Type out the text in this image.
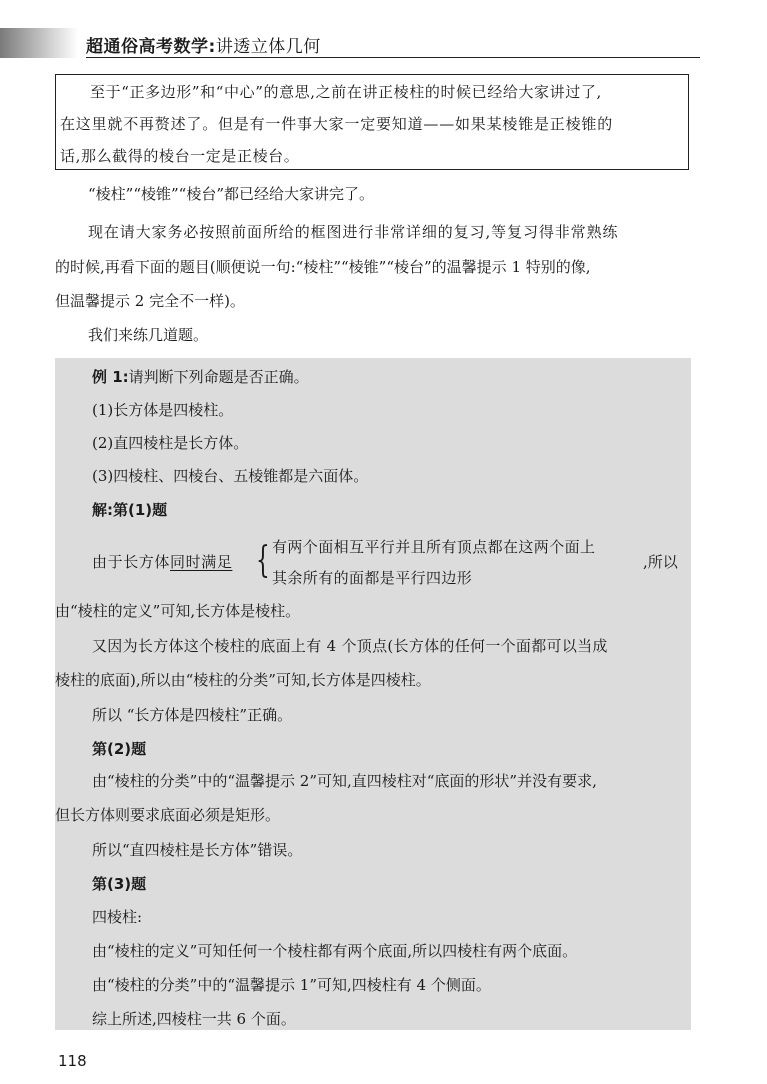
超通俗高考数学:讲透立体几何
至于“正多边形”和“中心”的意思,之前在讲正棱柱的时候已经给大家讲过了,
在这里就不再赘述了。但是有一件事大家一定要知道——如果某棱锥是正棱锥的
话,那么截得的棱台一定是正棱台。
“棱柱”“棱锥”“棱台”都已经给大家讲完了。
现在请大家务必按照前面所给的框图进行非常详细的复习,等复习得非常熟练
的时候,再看下面的题目(顺便说一句:“棱柱”“棱锥”“棱台”的温馨提示 1 特别的像,
但温馨提示 2 完全不一样)。
我们来练几道题。
例 1:请判断下列命题是否正确。
(1)长方体是四棱柱。
(2)直四棱柱是长方体。
(3)四棱柱、四棱台、五棱锥都是六面体。
解:第(1)题
由于长方体同时满足 { 有两个面相互平行并且所有顶点都在这两个面上
其余所有的面都是平行四边形
,所以
由“棱柱的定义”可知,长方体是棱柱。
又因为长方体这个棱柱的底面上有 4 个顶点(长方体的任何一个面都可以当成
棱柱的底面),所以由“棱柱的分类”可知,长方体是四棱柱。
所以 “长方体是四棱柱”正确。
第(2)题
由“棱柱的分类”中的“温馨提示 2”可知,直四棱柱对“底面的形状”并没有要求,
但长方体则要求底面必须是矩形。
所以“直四棱柱是长方体”错误。
第(3)题
四棱柱:
由“棱柱的定义”可知任何一个棱柱都有两个底面,所以四棱柱有两个底面。
由“棱柱的分类”中的“温馨提示 1”可知,四棱柱有 4 个侧面。
综上所述,四棱柱一共 6 个面。
118
